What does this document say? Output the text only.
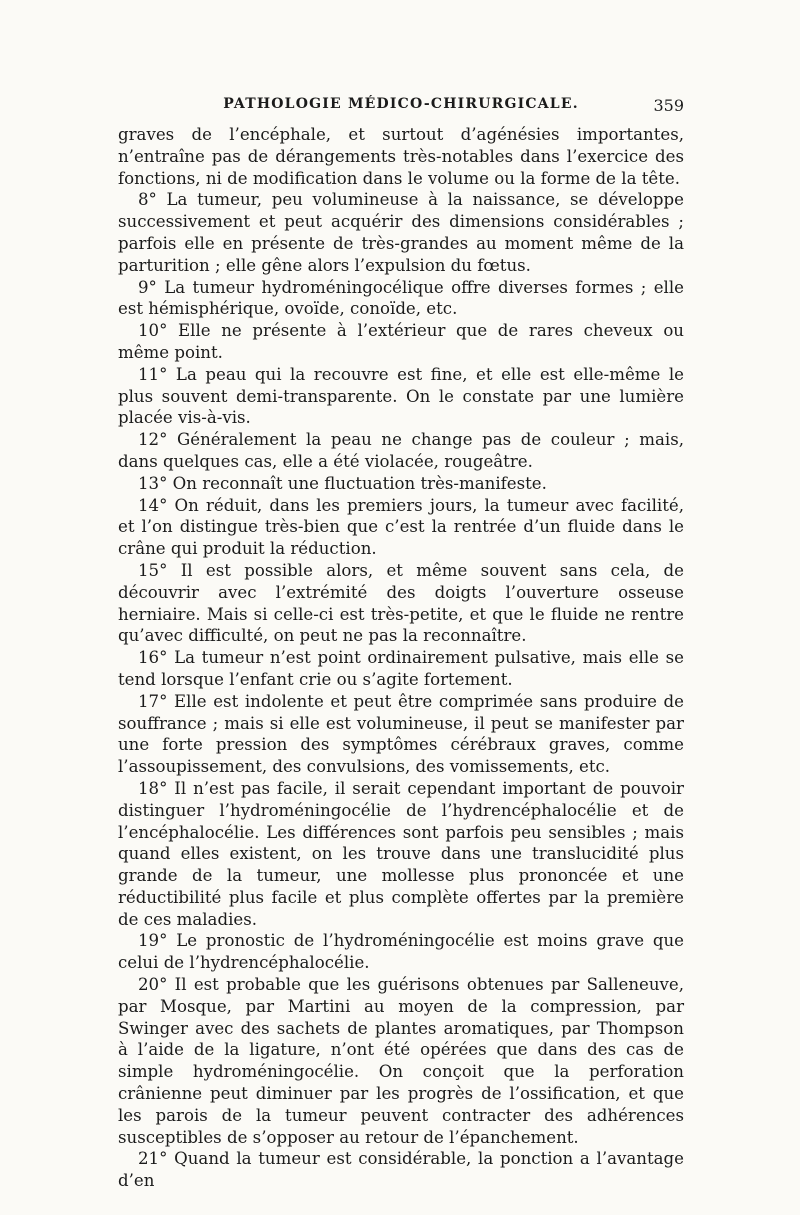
PATHOLOGIE MÉDICO-CHIRURGICALE.	359

graves de l’encéphale, et surtout d’agénésies importantes, n’entraîne pas de dérangements très-notables dans l’exercice des fonctions, ni de modification dans le volume ou la forme de la tête.

8° La tumeur, peu volumineuse à la naissance, se développe successivement et peut acquérir des dimensions considérables ; parfois elle en présente de très-grandes au moment même de la parturition ; elle gêne alors l’expulsion du fœtus.

9° La tumeur hydroméningocélique offre diverses formes ; elle est hémisphérique, ovoïde, conoïde, etc.

10° Elle ne présente à l’extérieur que de rares cheveux ou même point.

11° La peau qui la recouvre est fine, et elle est elle-même le plus souvent demi-transparente. On le constate par une lumière placée vis-à-vis.

12° Généralement la peau ne change pas de couleur ; mais, dans quelques cas, elle a été violacée, rougeâtre.

13° On reconnaît une fluctuation très-manifeste.

14° On réduit, dans les premiers jours, la tumeur avec facilité, et l’on distingue très-bien que c’est la rentrée d’un fluide dans le crâne qui produit la réduction.

15° Il est possible alors, et même souvent sans cela, de découvrir avec l’extrémité des doigts l’ouverture osseuse herniaire. Mais si celle-ci est très-petite, et que le fluide ne rentre qu’avec difficulté, on peut ne pas la reconnaître.

16° La tumeur n’est point ordinairement pulsative, mais elle se tend lorsque l’enfant crie ou s’agite fortement.

17° Elle est indolente et peut être comprimée sans produire de souffrance ; mais si elle est volumineuse, il peut se manifester par une forte pression des symptômes cérébraux graves, comme l’assoupissement, des convulsions, des vomissements, etc.

18° Il n’est pas facile, il serait cependant important de pouvoir distinguer l’hydroméningocélie de l’hydrencéphalocélie et de l’encéphalocélie. Les différences sont parfois peu sensibles ; mais quand elles existent, on les trouve dans une translucidité plus grande de la tumeur, une mollesse plus prononcée et une réductibilité plus facile et plus complète offertes par la première de ces maladies.

19° Le pronostic de l’hydroméningocélie est moins grave que celui de l’hydrencéphalocélie.

20° Il est probable que les guérisons obtenues par Salleneuve, par Mosque, par Martini au moyen de la compression, par Swinger avec des sachets de plantes aromatiques, par Thompson à l’aide de la ligature, n’ont été opérées que dans des cas de simple hydroméningocélie. On conçoit que la perforation crânienne peut diminuer par les progrès de l’ossification, et que les parois de la tumeur peuvent contracter des adhérences susceptibles de s’opposer au retour de l’épanchement.

21° Quand la tumeur est considérable, la ponction a l’avantage d’en
